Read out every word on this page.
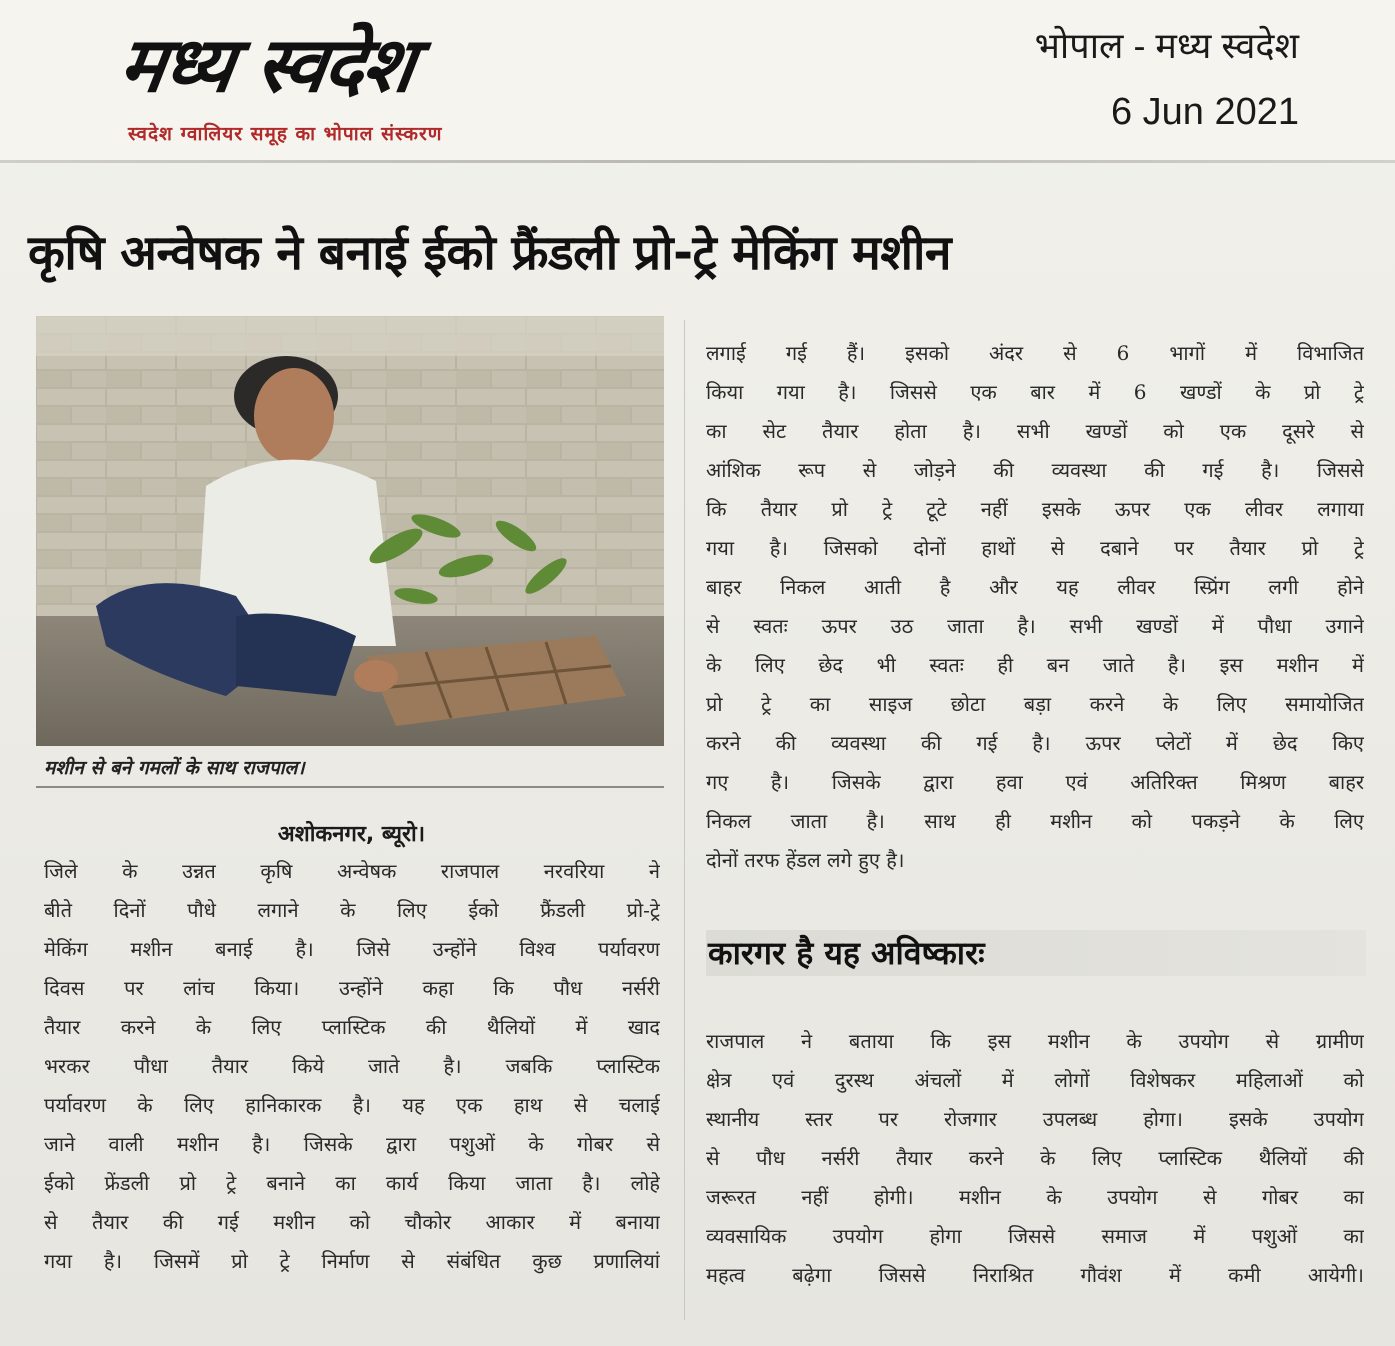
मध्य स्वदेश
स्वदेश ग्वालियर समूह का भोपाल संस्करण
भोपाल - मध्य स्वदेश
6 Jun 2021
कृषि अन्वेषक ने बनाई ईको फ्रैंडली प्रो-ट्रे मेकिंग मशीन
मशीन से बने गमलों के साथ राजपाल।
अशोकनगर, ब्यूरो।
जिले के उन्नत कृषि अन्वेषक राजपाल नरवरिया ने
बीते दिनों पौधे लगाने के लिए ईको फ्रैंडली प्रो-ट्रे
मेकिंग मशीन बनाई है। जिसे उन्होंने विश्व पर्यावरण
दिवस पर लांच किया। उन्होंने कहा कि पौध नर्सरी
तैयार करने के लिए प्लास्टिक की थैलियों में खाद
भरकर पौधा तैयार किये जाते है। जबकि प्लास्टिक
पर्यावरण के लिए हानिकारक है। यह एक हाथ से चलाई
जाने वाली मशीन है। जिसके द्वारा पशुओं के गोबर से
ईको फ्रेंडली प्रो ट्रे बनाने का कार्य किया जाता है। लोहे
से तैयार की गई मशीन को चौकोर आकार में बनाया
गया है। जिसमें प्रो ट्रे निर्माण से संबंधित कुछ प्रणालियां
लगाई गई हैं। इसको अंदर से 6 भागों में विभाजित
किया गया है। जिससे एक बार में 6 खण्डों के प्रो ट्रे
का सेट तैयार होता है। सभी खण्डों को एक दूसरे से
आंशिक रूप से जोड़ने की व्यवस्था की गई है। जिससे
कि तैयार प्रो ट्रे टूटे नहीं इसके ऊपर एक लीवर लगाया
गया है। जिसको दोनों हाथों से दबाने पर तैयार प्रो ट्रे
बाहर निकल आती है और यह लीवर स्प्रिंग लगी होने
से स्वतः ऊपर उठ जाता है। सभी खण्डों में पौधा उगाने
के लिए छेद भी स्वतः ही बन जाते है। इस मशीन में
प्रो ट्रे का साइज छोटा बड़ा करने के लिए समायोजित
करने की व्यवस्था की गई है। ऊपर प्लेटों में छेद किए
गए है। जिसके द्वारा हवा एवं अतिरिक्त मिश्रण बाहर
निकल जाता है। साथ ही मशीन को पकड़ने के लिए
दोनों तरफ हेंडल लगे हुए है।
कारगर है यह अविष्कारः
राजपाल ने बताया कि इस मशीन के उपयोग से ग्रामीण
क्षेत्र एवं दुरस्थ अंचलों में लोगों विशेषकर महिलाओं को
स्थानीय स्तर पर रोजगार उपलब्ध होगा। इसके उपयोग
से पौध नर्सरी तैयार करने के लिए प्लास्टिक थैलियों की
जरूरत नहीं होगी। मशीन के उपयोग से गोबर का
व्यवसायिक उपयोग होगा जिससे समाज में पशुओं का
महत्व बढ़ेगा जिससे निराश्रित गौवंश में कमी आयेगी।
